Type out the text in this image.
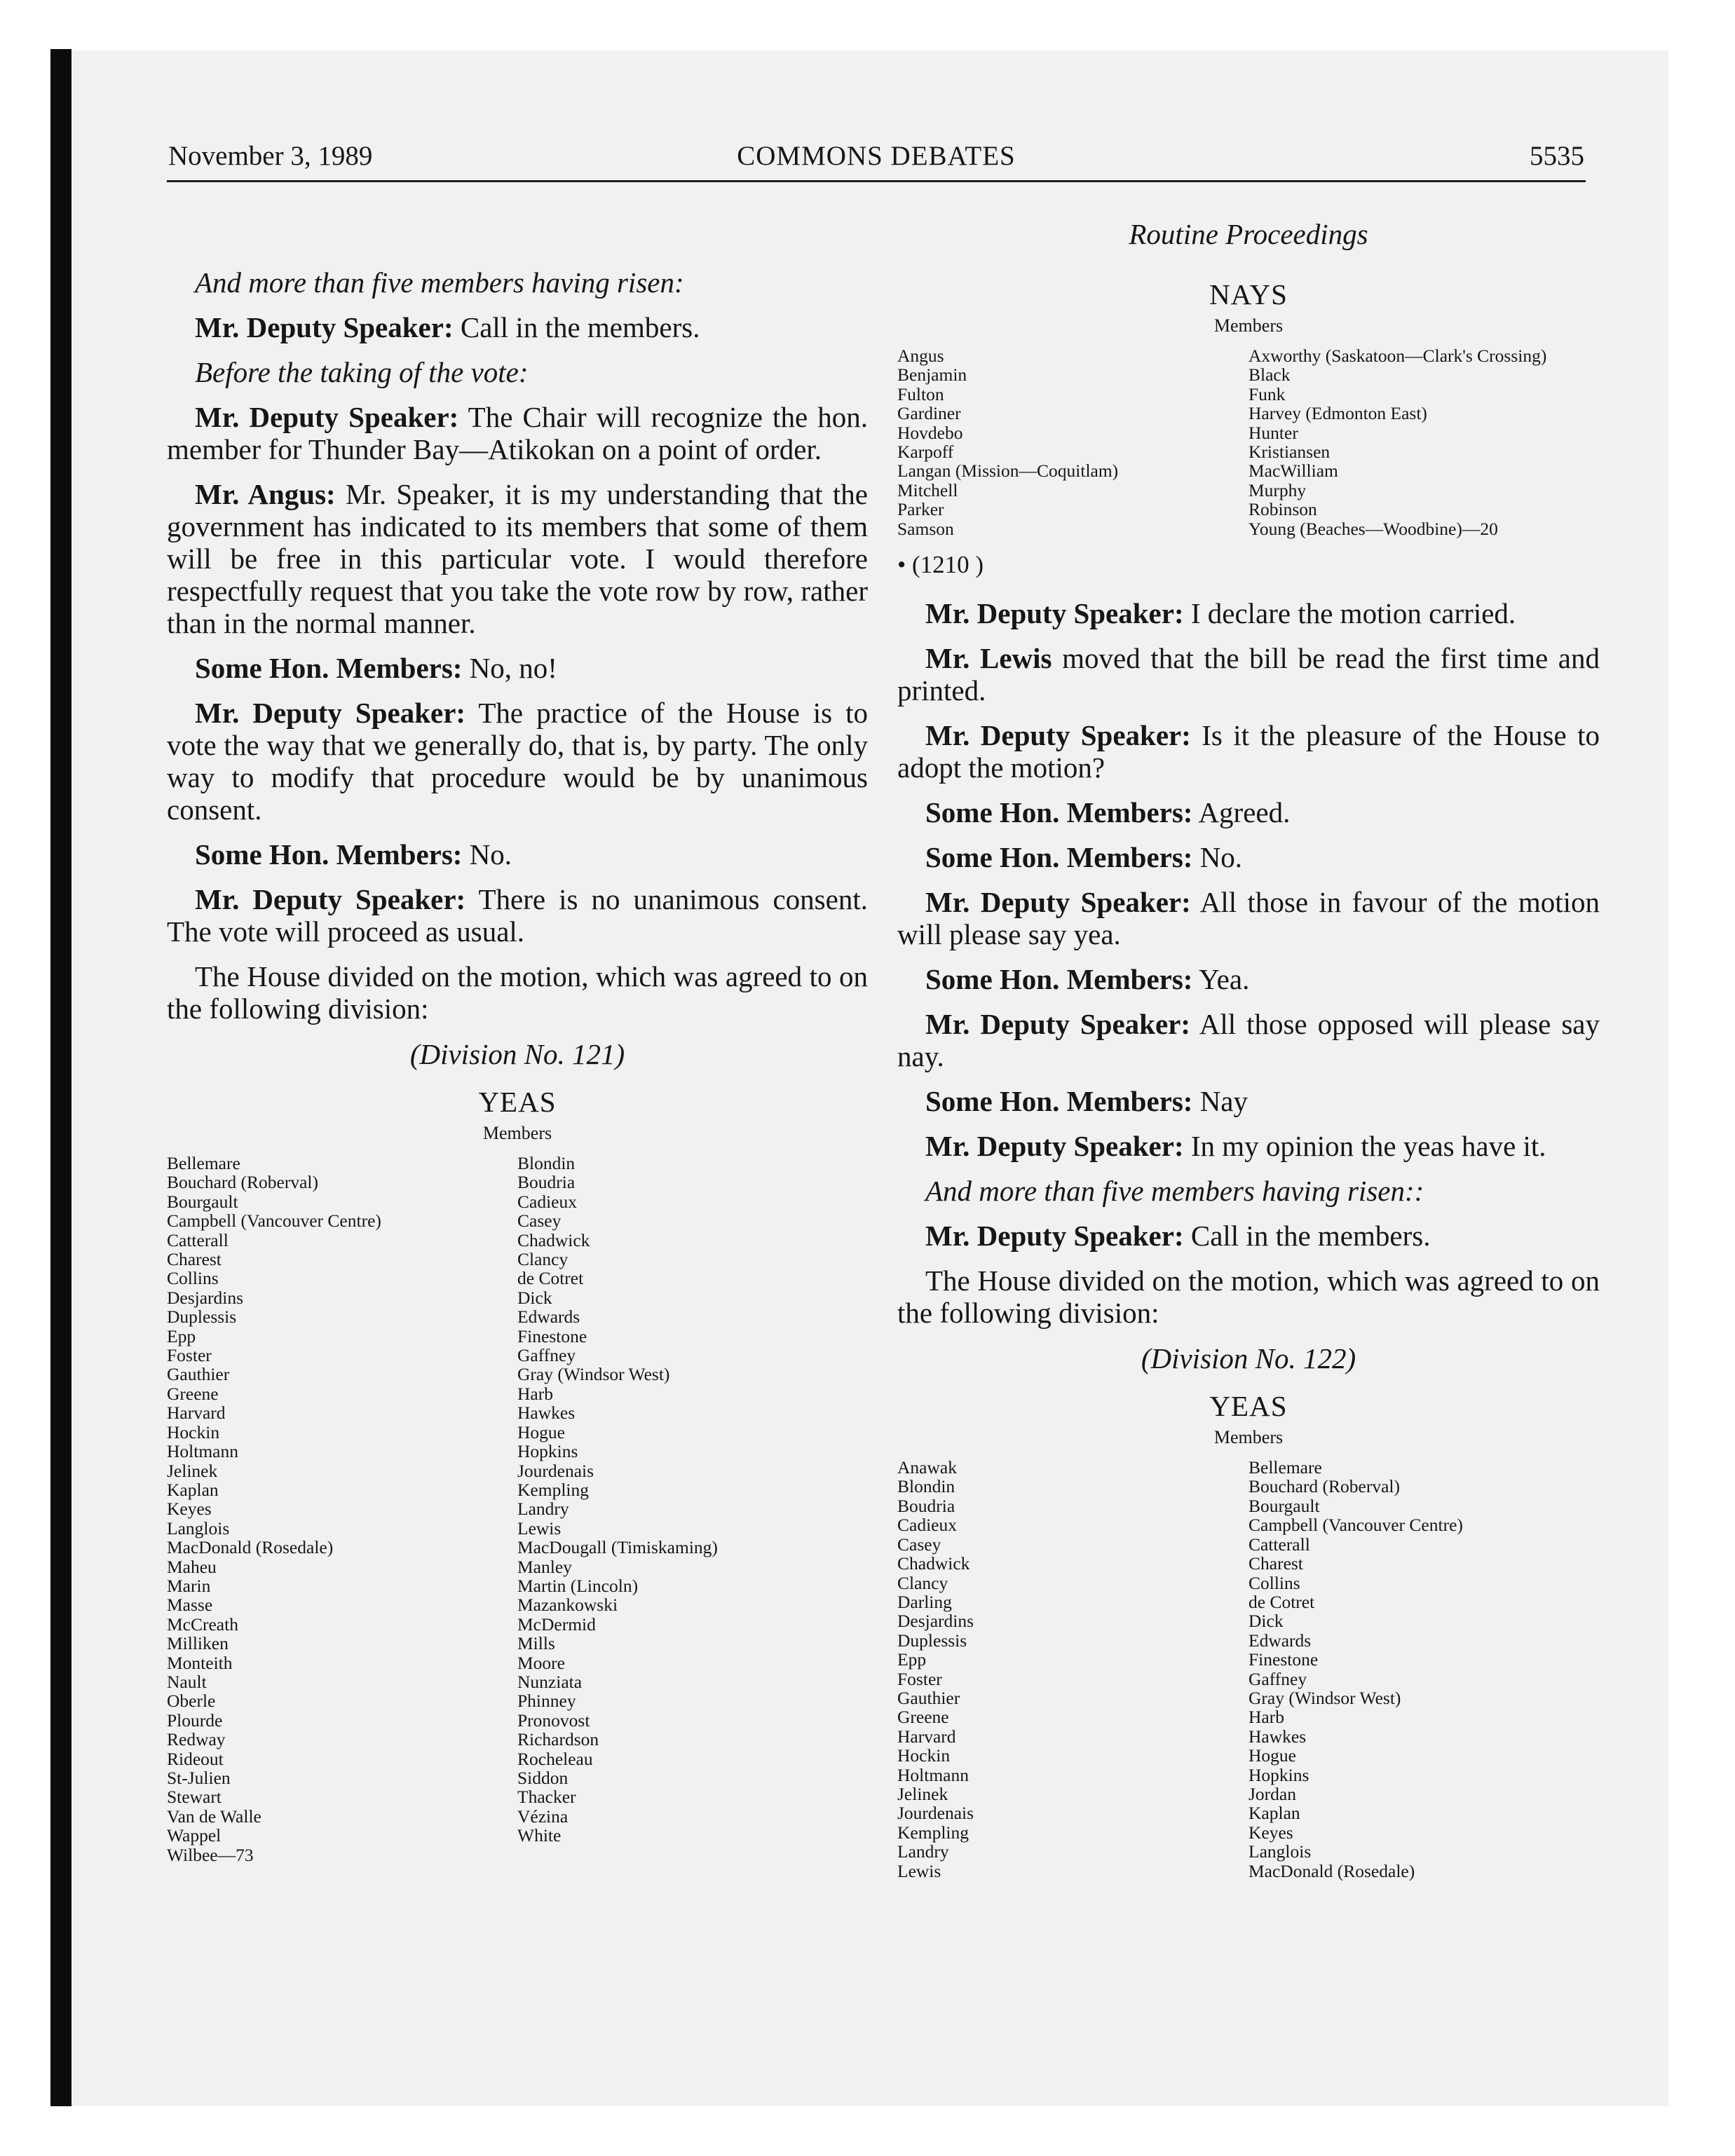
November 3, 1989	COMMONS DEBATES	5535

And more than five members having risen:

Mr. Deputy Speaker: Call in the members.

Before the taking of the vote:

Mr. Deputy Speaker: The Chair will recognize the hon. member for Thunder Bay—Atikokan on a point of order.

Mr. Angus: Mr. Speaker, it is my understanding that the government has indicated to its members that some of them will be free in this particular vote. I would therefore respectfully request that you take the vote row by row, rather than in the normal manner.

Some Hon. Members: No, no!

Mr. Deputy Speaker: The practice of the House is to vote the way that we generally do, that is, by party. The only way to modify that procedure would be by unanimous consent.

Some Hon. Members: No.

Mr. Deputy Speaker: There is no unanimous consent. The vote will proceed as usual.

The House divided on the motion, which was agreed to on the following division:

(Division No. 121)
YEAS
Members
Bellemare
Bouchard (Roberval)
Bourgault
Campbell (Vancouver Centre)
Catterall
Charest
Collins
Desjardins
Duplessis
Epp
Foster
Gauthier
Greene
Harvard
Hockin
Holtmann
Jelinek
Kaplan
Keyes
Langlois
MacDonald (Rosedale)
Maheu
Marin
Masse
McCreath
Milliken
Monteith
Nault
Oberle
Plourde
Redway
Rideout
St-Julien
Stewart
Van de Walle
Wappel
Wilbee—73
Blondin
Boudria
Cadieux
Casey
Chadwick
Clancy
de Cotret
Dick
Edwards
Finestone
Gaffney
Gray (Windsor West)
Harb
Hawkes
Hogue
Hopkins
Jourdenais
Kempling
Landry
Lewis
MacDougall (Timiskaming)
Manley
Martin (Lincoln)
Mazankowski
McDermid
Mills
Moore
Nunziata
Phinney
Pronovost
Richardson
Rocheleau
Siddon
Thacker
Vézina
White
Routine Proceedings
NAYS
Members
Angus
Benjamin
Fulton
Gardiner
Hovdebo
Karpoff
Langan (Mission—Coquitlam)
Mitchell
Parker
Samson
Axworthy (Saskatoon—Clark's Crossing)
Black
Funk
Harvey (Edmonton East)
Hunter
Kristiansen
MacWilliam
Murphy
Robinson
Young (Beaches—Woodbine)—20
• (1210 )

Mr. Deputy Speaker: I declare the motion carried.

Mr. Lewis moved that the bill be read the first time and printed.

Mr. Deputy Speaker: Is it the pleasure of the House to adopt the motion?

Some Hon. Members: Agreed.

Some Hon. Members: No.

Mr. Deputy Speaker: All those in favour of the motion will please say yea.

Some Hon. Members: Yea.

Mr. Deputy Speaker: All those opposed will please say nay.

Some Hon. Members: Nay

Mr. Deputy Speaker: In my opinion the yeas have it.

And more than five members having risen::

Mr. Deputy Speaker: Call in the members.

The House divided on the motion, which was agreed to on the following division:

(Division No. 122)
YEAS
Members
Anawak
Blondin
Boudria
Cadieux
Casey
Chadwick
Clancy
Darling
Desjardins
Duplessis
Epp
Foster
Gauthier
Greene
Harvard
Hockin
Holtmann
Jelinek
Jourdenais
Kempling
Landry
Lewis
Bellemare
Bouchard (Roberval)
Bourgault
Campbell (Vancouver Centre)
Catterall
Charest
Collins
de Cotret
Dick
Edwards
Finestone
Gaffney
Gray (Windsor West)
Harb
Hawkes
Hogue
Hopkins
Jordan
Kaplan
Keyes
Langlois
MacDonald (Rosedale)
